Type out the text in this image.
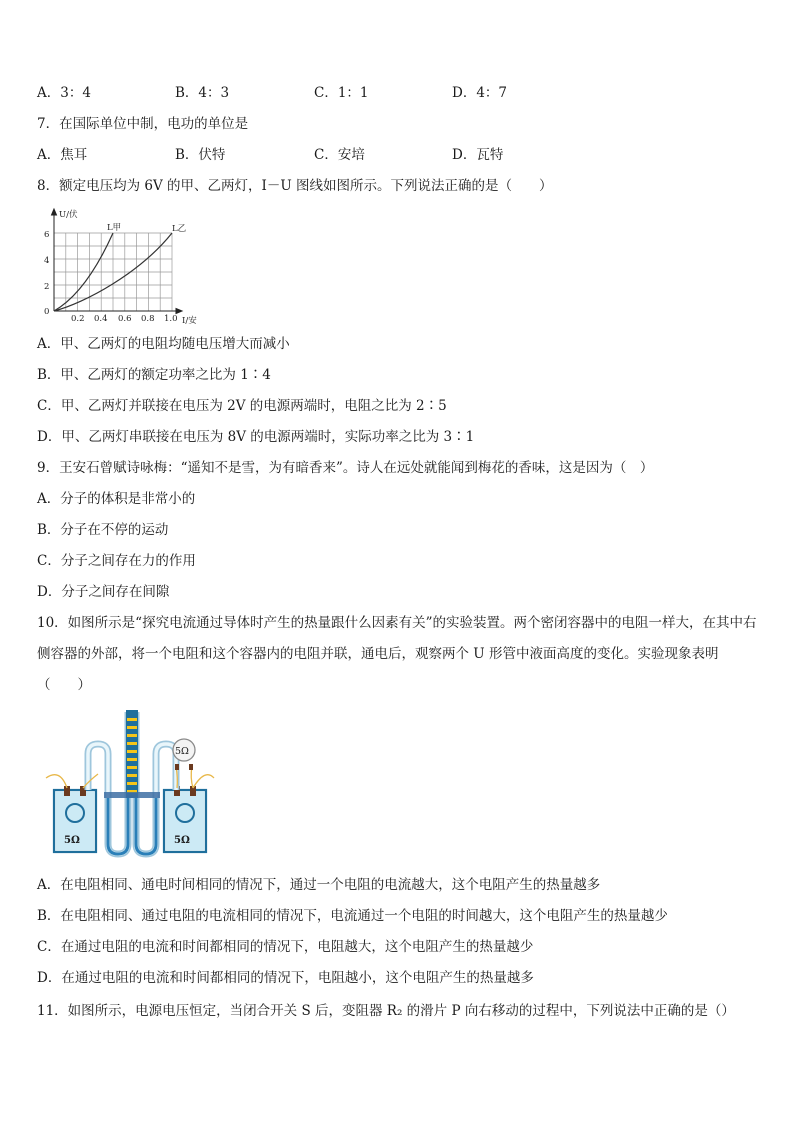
A．3：4	B．4：3	C．1：1	D．4：7
7．在国际单位中制，电功的单位是
A．焦耳	B．伏特	C．安培	D．瓦特
8．额定电压均为 6V 的甲、乙两灯，I－U 图线如图所示。下列说法正确的是（　　）
U/伏
I/安
L甲	L乙
6
4
2
0
0.2 0.4 0.6 0.8 1.0
A．甲、乙两灯的电阻均随电压增大而减小
B．甲、乙两灯的额定功率之比为 1∶4
C．甲、乙两灯并联接在电压为 2V 的电源两端时，电阻之比为 2∶5
D．甲、乙两灯串联接在电压为 8V 的电源两端时，实际功率之比为 3∶1
9．王安石曾赋诗咏梅：“遥知不是雪，为有暗香来”。诗人在远处就能闻到梅花的香味，这是因为（　）
A．分子的体积是非常小的
B．分子在不停的运动
C．分子之间存在力的作用
D．分子之间存在间隙
10．如图所示是“探究电流通过导体时产生的热量跟什么因素有关”的实验装置。两个密闭容器中的电阻一样大，在其中右侧容器的外部，将一个电阻和这个容器内的电阻并联，通电后，观察两个 U 形管中液面高度的变化。实验现象表明（　　）
5Ω	5Ω
5Ω
A．在电阻相同、通电时间相同的情况下，通过一个电阻的电流越大，这个电阻产生的热量越多
B．在电阻相同、通过电阻的电流相同的情况下，电流通过一个电阻的时间越大，这个电阻产生的热量越少
C．在通过电阻的电流和时间都相同的情况下，电阻越大，这个电阻产生的热量越少
D．在通过电阻的电流和时间都相同的情况下，电阻越小，这个电阻产生的热量越多
11．如图所示，电源电压恒定，当闭合开关 S 后，变阻器 R₂ 的滑片 P 向右移动的过程中，下列说法中正确的是（）
